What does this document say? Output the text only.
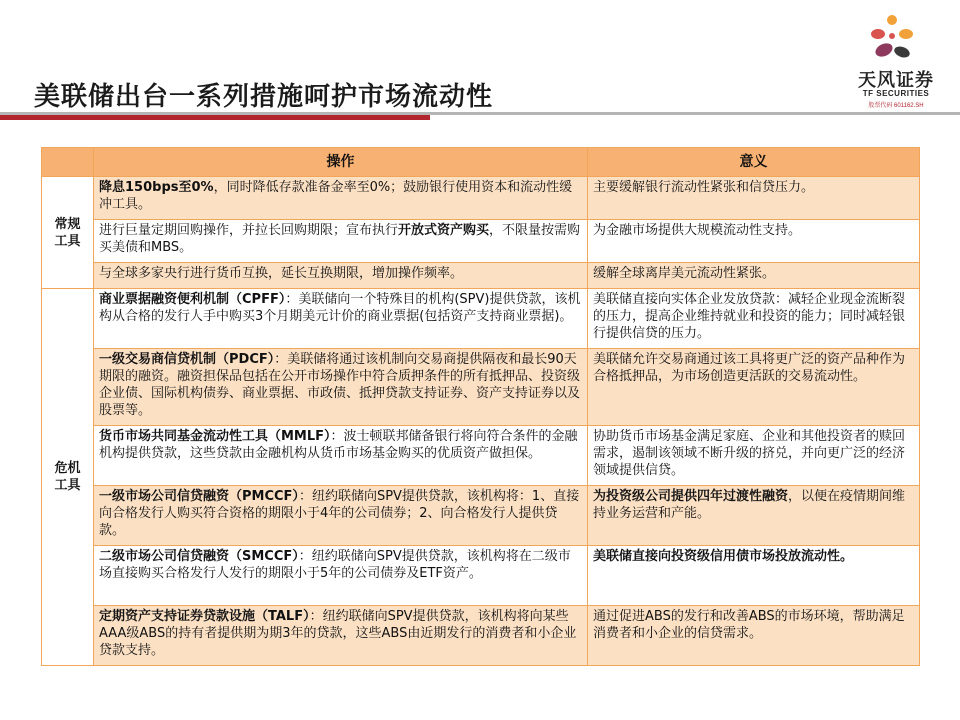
美联储出台一系列措施呵护市场流动性
天风证券
TF SECURITIES
股票代码 601162.SH
	操作	意义
常规
工具	降息150bps至0%，同时降低存款准备金率至0%；鼓励银行使用资本和流动性缓冲工具。	主要缓解银行流动性紧张和信贷压力。
	进行巨量定期回购操作，并拉长回购期限；宣布执行开放式资产购买，不限量按需购买美债和MBS。	为金融市场提供大规模流动性支持。
	与全球多家央行进行货币互换，延长互换期限，增加操作频率。	缓解全球离岸美元流动性紧张。
危机
工具	商业票据融资便利机制（CPFF）：美联储向一个特殊目的机构(SPV)提供贷款，该机构从合格的发行人手中购买3个月期美元计价的商业票据(包括资产支持商业票据)。	美联储直接向实体企业发放贷款：减轻企业现金流断裂的压力，提高企业维持就业和投资的能力；同时减轻银行提供信贷的压力。
	一级交易商信贷机制（PDCF）：美联储将通过该机制向交易商提供隔夜和最长90天期限的融资。融资担保品包括在公开市场操作中符合质押条件的所有抵押品、投资级企业债、国际机构债券、商业票据、市政债、抵押贷款支持证券、资产支持证券以及股票等。	美联储允许交易商通过该工具将更广泛的资产品种作为合格抵押品，为市场创造更活跃的交易流动性。
	货币市场共同基金流动性工具（MMLF）：波士顿联邦储备银行将向符合条件的金融机构提供贷款，这些贷款由金融机构从货币市场基金购买的优质资产做担保。	协助货币市场基金满足家庭、企业和其他投资者的赎回需求，遏制该领域不断升级的挤兑，并向更广泛的经济领域提供信贷。
	一级市场公司信贷融资（PMCCF）：纽约联储向SPV提供贷款，该机构将：1、直接向合格发行人购买符合资格的期限小于4年的公司债券；2、向合格发行人提供贷款。	为投资级公司提供四年过渡性融资，以便在疫情期间维持业务运营和产能。
	二级市场公司信贷融资（SMCCF）：纽约联储向SPV提供贷款，该机构将在二级市场直接购买合格发行人发行的期限小于5年的公司债券及ETF资产。	美联储直接向投资级信用债市场投放流动性。
	定期资产支持证券贷款设施（TALF）：纽约联储向SPV提供贷款，该机构将向某些AAA级ABS的持有者提供期为期3年的贷款，这些ABS由近期发行的消费者和小企业贷款支持。	通过促进ABS的发行和改善ABS的市场环境，帮助满足消费者和小企业的信贷需求。
